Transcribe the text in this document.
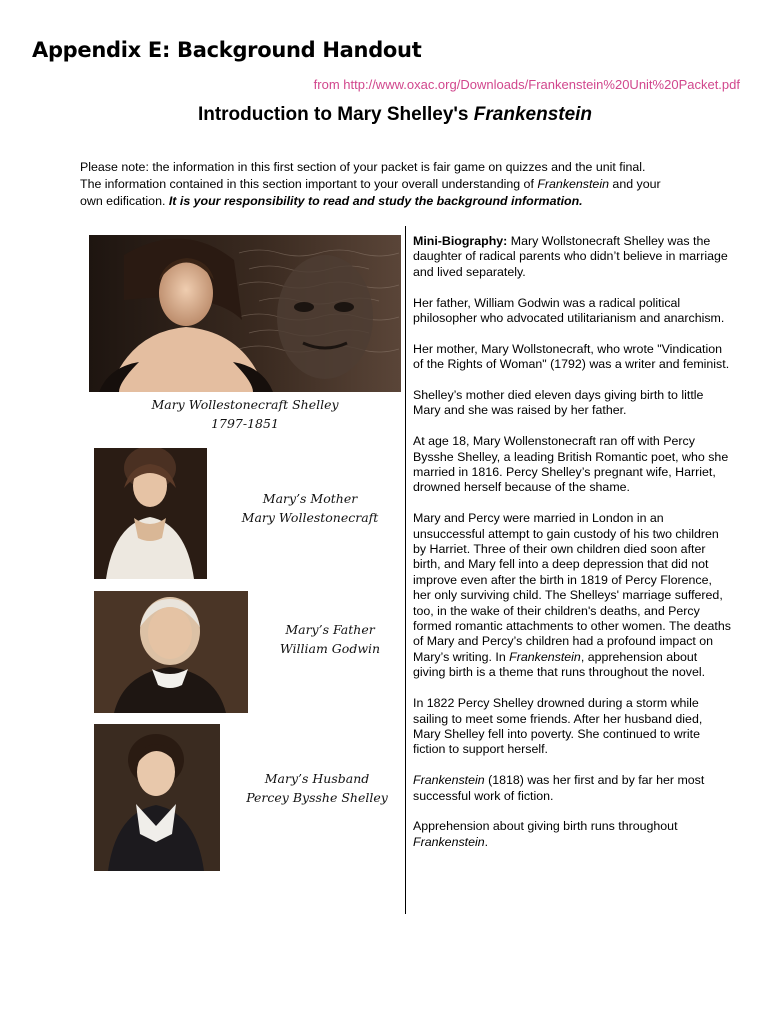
Appendix E: Background Handout
from http://www.oxac.org/Downloads/Frankenstein%20Unit%20Packet.pdf
Introduction to Mary Shelley's Frankenstein
Please note: the information in this first section of your packet is fair game on quizzes and the unit final.
The information contained in this section important to your overall understanding of Frankenstein and your
own edification. It is your responsibility to read and study the background information.
Mary Wollestonecraft Shelley
1797-1851
Mary’s Mother
Mary Wollestonecraft
Mary’s Father
William Godwin
Mary’s Husband
Percey Bysshe Shelley

Mini-Biography: Mary Wollstonecraft Shelley was the daughter of radical parents who didn’t believe in marriage and lived separately.

Her father, William Godwin was a radical political philosopher who advocated utilitarianism and anarchism.

Her mother, Mary Wollstonecraft, who wrote "Vindication of the Rights of Woman" (1792) was a writer and feminist.

Shelley’s mother died eleven days giving birth to little Mary and she was raised by her father.

At age 18, Mary Wollenstonecraft ran off with Percy Bysshe Shelley, a leading British Romantic poet, who she married in 1816. Percy Shelley’s pregnant wife, Harriet, drowned herself because of the shame.

Mary and Percy were married in London in an unsuccessful attempt to gain custody of his two children by Harriet. Three of their own children died soon after birth, and Mary fell into a deep depression that did not improve even after the birth in 1819 of Percy Florence, her only surviving child. The Shelleys' marriage suffered, too, in the wake of their children's deaths, and Percy formed romantic attachments to other women. The deaths of Mary and Percy’s children had a profound impact on Mary’s writing. In Frankenstein, apprehension about giving birth is a theme that runs throughout the novel.

In 1822 Percy Shelley drowned during a storm while sailing to meet some friends. After her husband died, Mary Shelley fell into poverty. She continued to write fiction to support herself.

Frankenstein (1818) was her first and by far her most successful work of fiction.

Apprehension about giving birth runs throughout Frankenstein.
